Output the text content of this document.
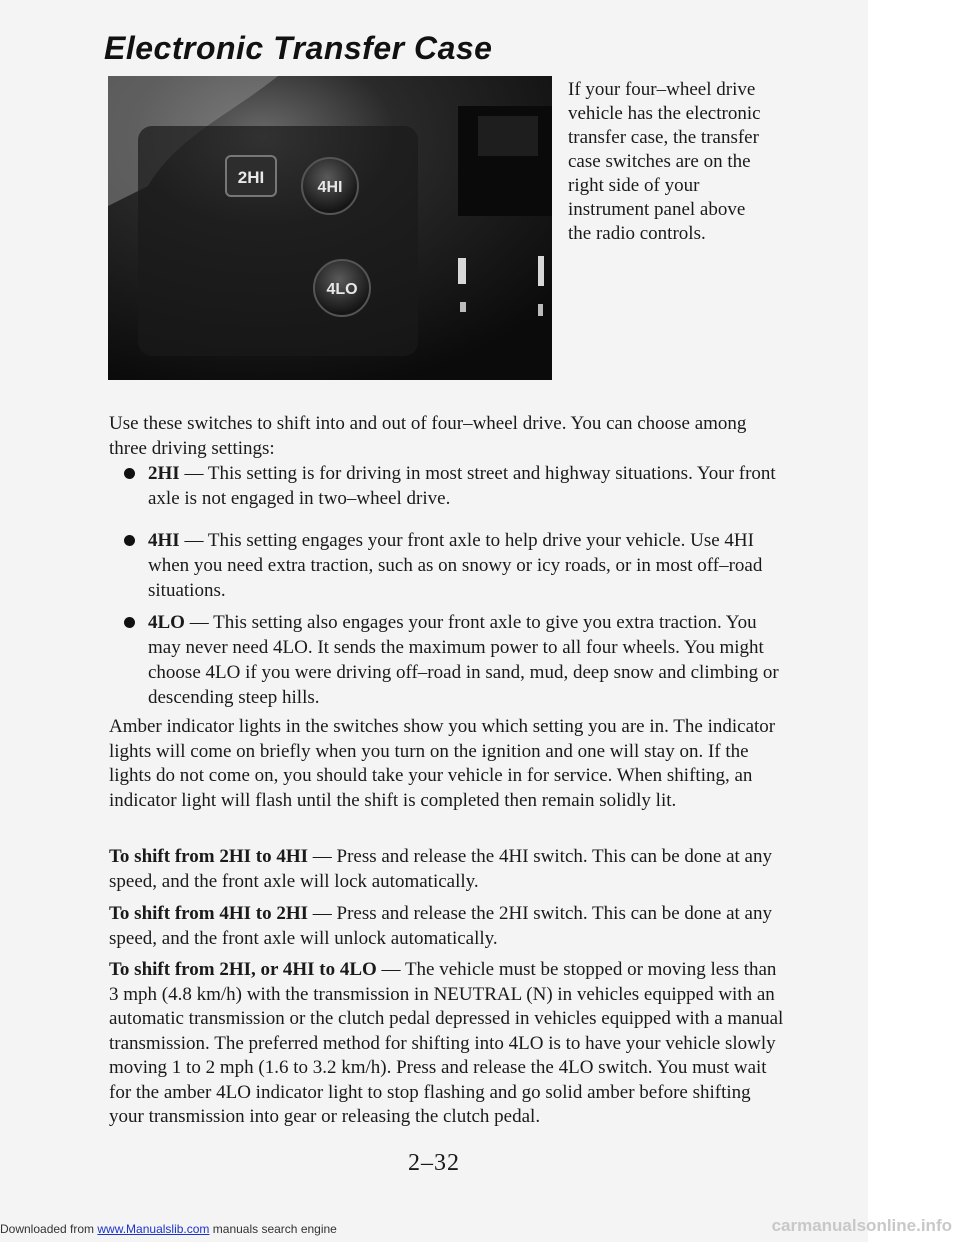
Electronic Transfer Case
2HI
4HI
4LO

If your four–wheel drive vehicle has the electronic transfer case, the transfer case switches are on the right side of your instrument panel above the radio controls.

Use these switches to shift into and out of four–wheel drive. You can choose among three driving settings:

2HI — This setting is for driving in most street and highway situations. Your front axle is not engaged in two–wheel drive.

4HI — This setting engages your front axle to help drive your vehicle. Use 4HI when you need extra traction, such as on snowy or icy roads, or in most off–road situations.

4LO — This setting also engages your front axle to give you extra traction. You may never need 4LO. It sends the maximum power to all four wheels. You might choose 4LO if you were driving off–road in sand, mud, deep snow and climbing or descending steep hills.

Amber indicator lights in the switches show you which setting you are in. The indicator lights will come on briefly when you turn on the ignition and one will stay on. If the lights do not come on, you should take your vehicle in for service. When shifting, an indicator light will flash until the shift is completed then remain solidly lit.

To shift from 2HI to 4HI — Press and release the 4HI switch. This can be done at any speed, and the front axle will lock automatically.

To shift from 4HI to 2HI — Press and release the 2HI switch. This can be done at any speed, and the front axle will unlock automatically.

To shift from 2HI, or 4HI to 4LO — The vehicle must be stopped or moving less than 3 mph (4.8 km/h) with the transmission in NEUTRAL (N) in vehicles equipped with an automatic transmission or the clutch pedal depressed in vehicles equipped with a manual transmission. The preferred method for shifting into 4LO is to have your vehicle slowly moving 1 to 2 mph (1.6 to 3.2 km/h). Press and release the 4LO switch. You must wait for the amber 4LO indicator light to stop flashing and go solid amber before shifting your transmission into gear or releasing the clutch pedal.

2–32

Downloaded from www.Manualslib.com manuals search engine	carmanualsonline.info
